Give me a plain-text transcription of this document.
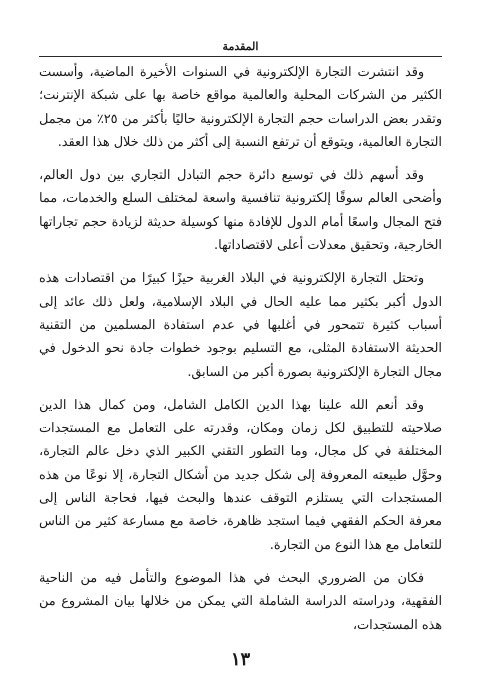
المقدمة

وقد انتشرت التجارة الإلكترونية في السنوات الأخيرة الماضية، وأسست الكثير من الشركات المحلية والعالمية مواقع خاصة بها على شبكة الإنترنت؛ وتقدر بعض الدراسات حجم التجارة الإلكترونية حاليًا بأكثر من ٢٥٪ من مجمل التجارة العالمية، ويتوقع أن ترتفع النسبة إلى أكثر من ذلك خلال هذا العقد.

وقد أسهم ذلك في توسيع دائرة حجم التبادل التجاري بين دول العالم، وأضحى العالم سوقًا إلكترونية تنافسية واسعة لمختلف السلع والخدمات، مما فتح المجال واسعًا أمام الدول للإفادة منها كوسيلة حديثة لزيادة حجم تجاراتها الخارجية، وتحقيق معدلات أعلى لاقتصاداتها.

وتحتل التجارة الإلكترونية في البلاد الغربية حيزًا كبيرًا من اقتصادات هذه الدول أكبر بكثير مما عليه الحال في البلاد الإسلامية، ولعل ذلك عائد إلى أسباب كثيرة تتمحور في أغلبها في عدم استفادة المسلمين من التقنية الحديثة الاستفادة المثلى، مع التسليم بوجود خطوات جادة نحو الدخول في مجال التجارة الإلكترونية بصورة أكبر من السابق.

وقد أنعم الله علينا بهذا الدين الكامل الشامل، ومن كمال هذا الدين صلاحيته للتطبيق لكل زمان ومكان، وقدرته على التعامل مع المستجدات المختلفة في كل مجال، وما التطور التقني الكبير الذي دخل عالم التجارة، وحوَّل طبيعته المعروفة إلى شكل جديد من أشكال التجارة، إلا نوعًا من هذه المستجدات التي يستلزم التوقف عندها والبحث فيها، فحاجة الناس إلى معرفة الحكم الفقهي فيما استجد ظاهرة، خاصة مع مسارعة كثير من الناس للتعامل مع هذا النوع من التجارة.

فكان من الضروري البحث في هذا الموضوع والتأمل فيه من الناحية الفقهية، ودراسته الدراسة الشاملة التي يمكن من خلالها بيان المشروع من هذه المستجدات،

١٣
